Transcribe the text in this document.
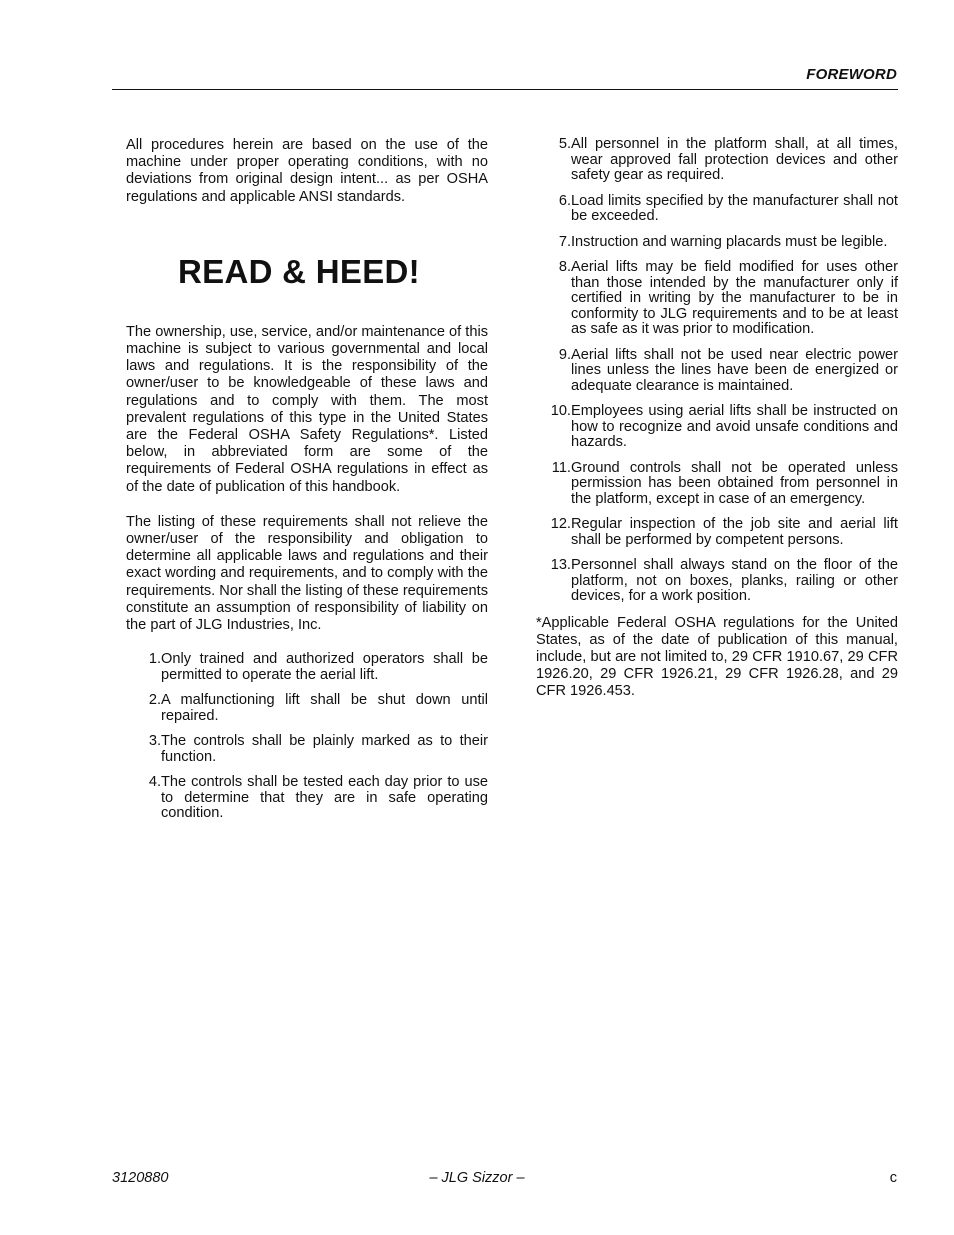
FOREWORD

All procedures herein are based on the use of the machine under proper operating conditions, with no deviations from original design intent... as per OSHA regulations and applicable ANSI standards.

READ & HEED!

The ownership, use, service, and/or maintenance of this machine is subject to various governmental and local laws and regulations. It is the responsibility of the owner/user to be knowledgeable of these laws and regulations and to comply with them. The most prevalent regulations of this type in the United States are the Federal OSHA Safety Regulations*. Listed below, in abbreviated form are some of the requirements of Federal OSHA regulations in effect as of the date of publication of this handbook.

The listing of these requirements shall not relieve the owner/user of the responsibility and obligation to determine all applicable laws and regulations and their exact wording and requirements, and to comply with the requirements. Nor shall the listing of these requirements constitute an assumption of responsibility of liability on the part of JLG Industries, Inc.

1. Only trained and authorized operators shall be permitted to operate the aerial lift.
2. A malfunctioning lift shall be shut down until repaired.
3. The controls shall be plainly marked as to their function.
4. The controls shall be tested each day prior to use to determine that they are in safe operating condition.
5. All personnel in the platform shall, at all times, wear approved fall protection devices and other safety gear as required.
6. Load limits specified by the manufacturer shall not be exceeded.
7. Instruction and warning placards must be legible.
8. Aerial lifts may be field modified for uses other than those intended by the manufacturer only if certified in writing by the manufacturer to be in conformity to JLG requirements and to be at least as safe as it was prior to modification.
9. Aerial lifts shall not be used near electric power lines unless the lines have been de energized or adequate clearance is maintained.
10. Employees using aerial lifts shall be instructed on how to recognize and avoid unsafe conditions and hazards.
11. Ground controls shall not be operated unless permission has been obtained from personnel in the platform, except in case of an emergency.
12. Regular inspection of the job site and aerial lift shall be performed by competent persons.
13. Personnel shall always stand on the floor of the platform, not on boxes, planks, railing or other devices, for a work position.

*Applicable Federal OSHA regulations for the United States, as of the date of publication of this manual, include, but are not limited to, 29 CFR 1910.67, 29 CFR 1926.20, 29 CFR 1926.21, 29 CFR 1926.28, and 29 CFR 1926.453.

3120880	– JLG Sizzor –	c
